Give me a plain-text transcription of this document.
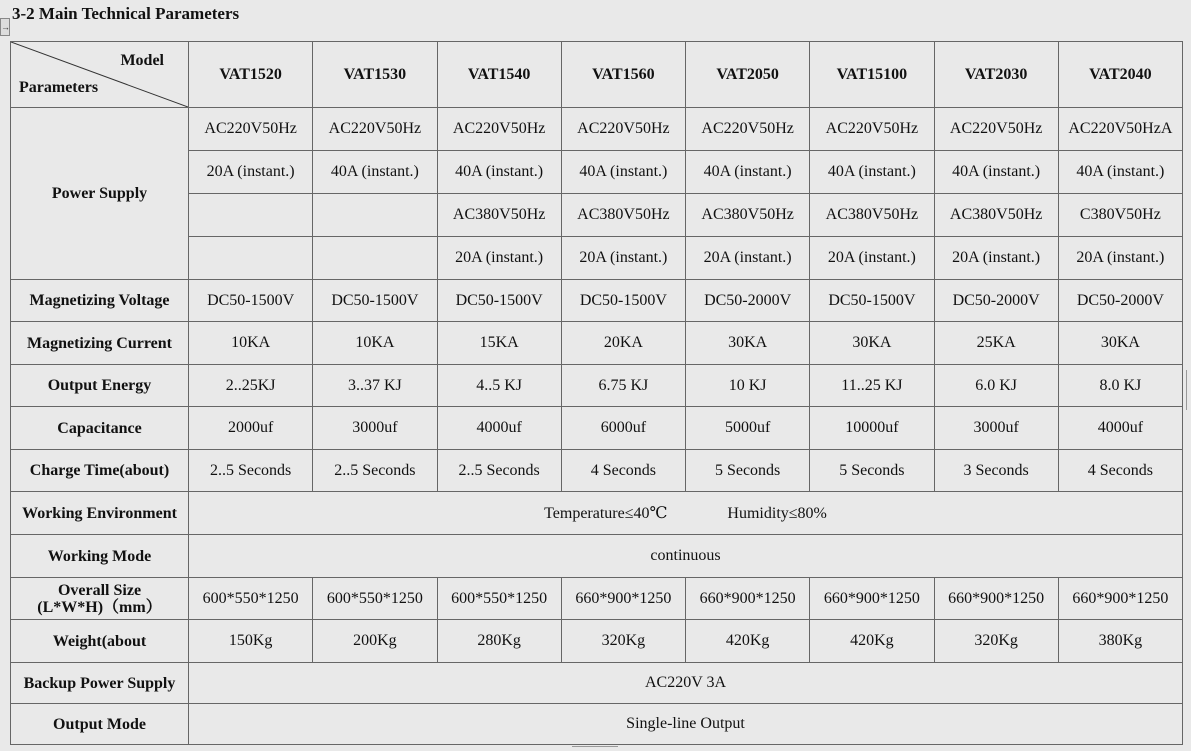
→
3-2 Main Technical Parameters
Model
Parameters	VAT1520	VAT1530	VAT1540	VAT1560	VAT2050	VAT15100	VAT2030	VAT2040
Power Supply	AC220V50Hz	AC220V50Hz	AC220V50Hz	AC220V50Hz	AC220V50Hz	AC220V50Hz	AC220V50Hz	AC220V50HzA
	20A (instant.)	40A (instant.)	40A (instant.)	40A (instant.)	40A (instant.)	40A (instant.)	40A (instant.)	40A (instant.)
			AC380V50Hz	AC380V50Hz	AC380V50Hz	AC380V50Hz	AC380V50Hz	C380V50Hz
			20A (instant.)	20A (instant.)	20A (instant.)	20A (instant.)	20A (instant.)	20A (instant.)
Magnetizing Voltage	DC50-1500V	DC50-1500V	DC50-1500V	DC50-1500V	DC50-2000V	DC50-1500V	DC50-2000V	DC50-2000V
Magnetizing Current	10KA	10KA	15KA	20KA	30KA	30KA	25KA	30KA
Output Energy	2..25KJ	3..37 KJ	4..5 KJ	6.75 KJ	10 KJ	11..25 KJ	6.0 KJ	8.0 KJ
Capacitance	2000uf	3000uf	4000uf	6000uf	5000uf	10000uf	3000uf	4000uf
Charge Time(about)	2..5 Seconds	2..5 Seconds	2..5 Seconds	4 Seconds	5 Seconds	5 Seconds	3 Seconds	4 Seconds
Working Environment	Temperature≤40℃ Humidity≤80%							
Working Mode	continuous							

Overall Size
(L*W*H)（mm）	600*550*1250	600*550*1250	600*550*1250	660*900*1250	660*900*1250	660*900*1250	660*900*1250	660*900*1250
Weight(about	150Kg	200Kg	280Kg	320Kg	420Kg	420Kg	320Kg	380Kg
Backup Power Supply	AC220V 3A							
Output Mode	Single-line Output							
